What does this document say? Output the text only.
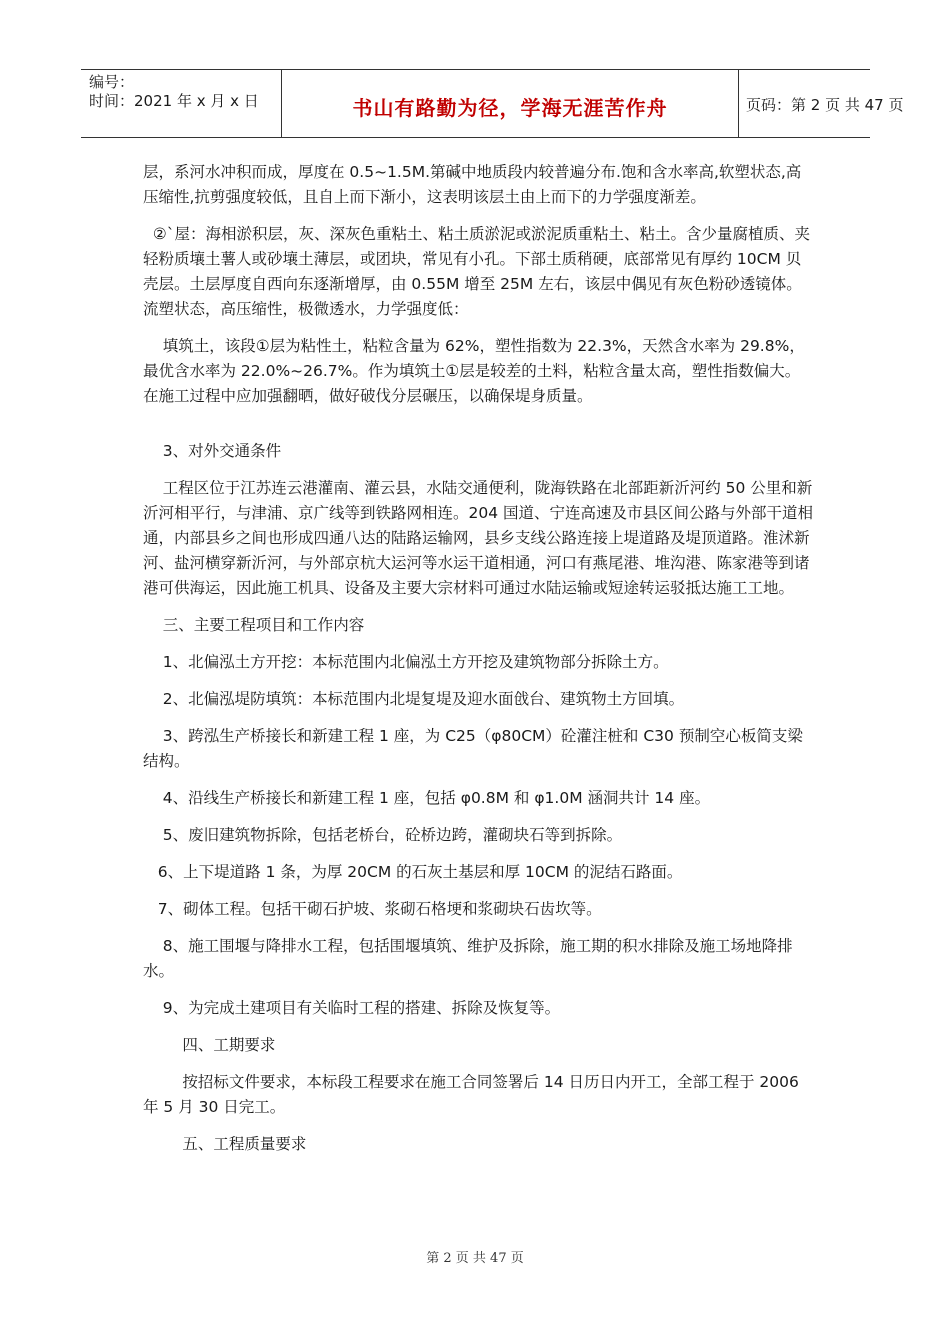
编号：
时间：2021 年 x 月 x 日	书山有路勤为径，学海无涯苦作舟	页码：第 2 页 共 47 页

层，系河水冲积而成，厚度在 0.5~1.5M.第碱中地质段内较普遍分布.饱和含水率高,软塑状态,高压缩性,抗剪强度较低，且自上而下渐小，这表明该层土由上而下的力学强度渐差。

②`屋：海相淤积层，灰、深灰色重粘土、粘土质淤泥或淤泥质重粘土、粘土。含少量腐植质、夹轻粉质壤土薯人或砂壤土薄层，或团块，常见有小孔。下部土质稍硬，底部常见有厚约 10CM 贝壳层。土层厚度自西向东逐渐增厚，由 0.55M 增至 25M 左右，该层中偶见有灰色粉砂透镜体。流塑状态，高压缩性，极微透水，力学强度低：

填筑土，该段①层为粘性土，粘粒含量为 62%，塑性指数为 22.3%，天然含水率为 29.8%，最优含水率为 22.0%~26.7%。作为填筑土①层是较差的土料，粘粒含量太高，塑性指数偏大。在施工过程中应加强翻晒，做好破伐分层碾压，以确保堤身质量。

3、对外交通条件

工程区位于江苏连云港灌南、灌云县，水陆交通便利，陇海铁路在北部距新沂河约 50 公里和新沂河相平行，与津浦、京广线等到铁路网相连。204 国道、宁连高速及市县区间公路与外部干道相通，内部县乡之间也形成四通八达的陆路运输网，县乡支线公路连接上堤道路及堤顶道路。淮沭新河、盐河横穿新沂河，与外部京杭大运河等水运干道相通，河口有燕尾港、堆沟港、陈家港等到诸港可供海运，因此施工机具、设备及主要大宗材料可通过水陆运输或短途转运驳抵达施工工地。

三、主要工程项目和工作内容

1、北偏泓土方开挖：本标范围内北偏泓土方开挖及建筑物部分拆除土方。

2、北偏泓堤防填筑：本标范围内北堤复堤及迎水面戗台、建筑物土方回填。

3、跨泓生产桥接长和新建工程 1 座，为 C25（φ80CM）砼灌注桩和 C30 预制空心板简支梁结构。

4、沿线生产桥接长和新建工程 1 座，包括 φ0.8M 和 φ1.0M 涵洞共计 14 座。

5、废旧建筑物拆除，包括老桥台，砼桥边跨，灌砌块石等到拆除。

6、上下堤道路 1 条，为厚 20CM 的石灰土基层和厚 10CM 的泥结石路面。

7、砌体工程。包括干砌石护坡、浆砌石格埂和浆砌块石齿坎等。

8、施工围堰与降排水工程，包括围堰填筑、维护及拆除，施工期的积水排除及施工场地降排水。

9、为完成土建项目有关临时工程的搭建、拆除及恢复等。

四、工期要求

按招标文件要求，本标段工程要求在施工合同签署后 14 日历日内开工，全部工程于 2006 年 5 月 30 日完工。

五、工程质量要求

第 2 页 共 47 页
